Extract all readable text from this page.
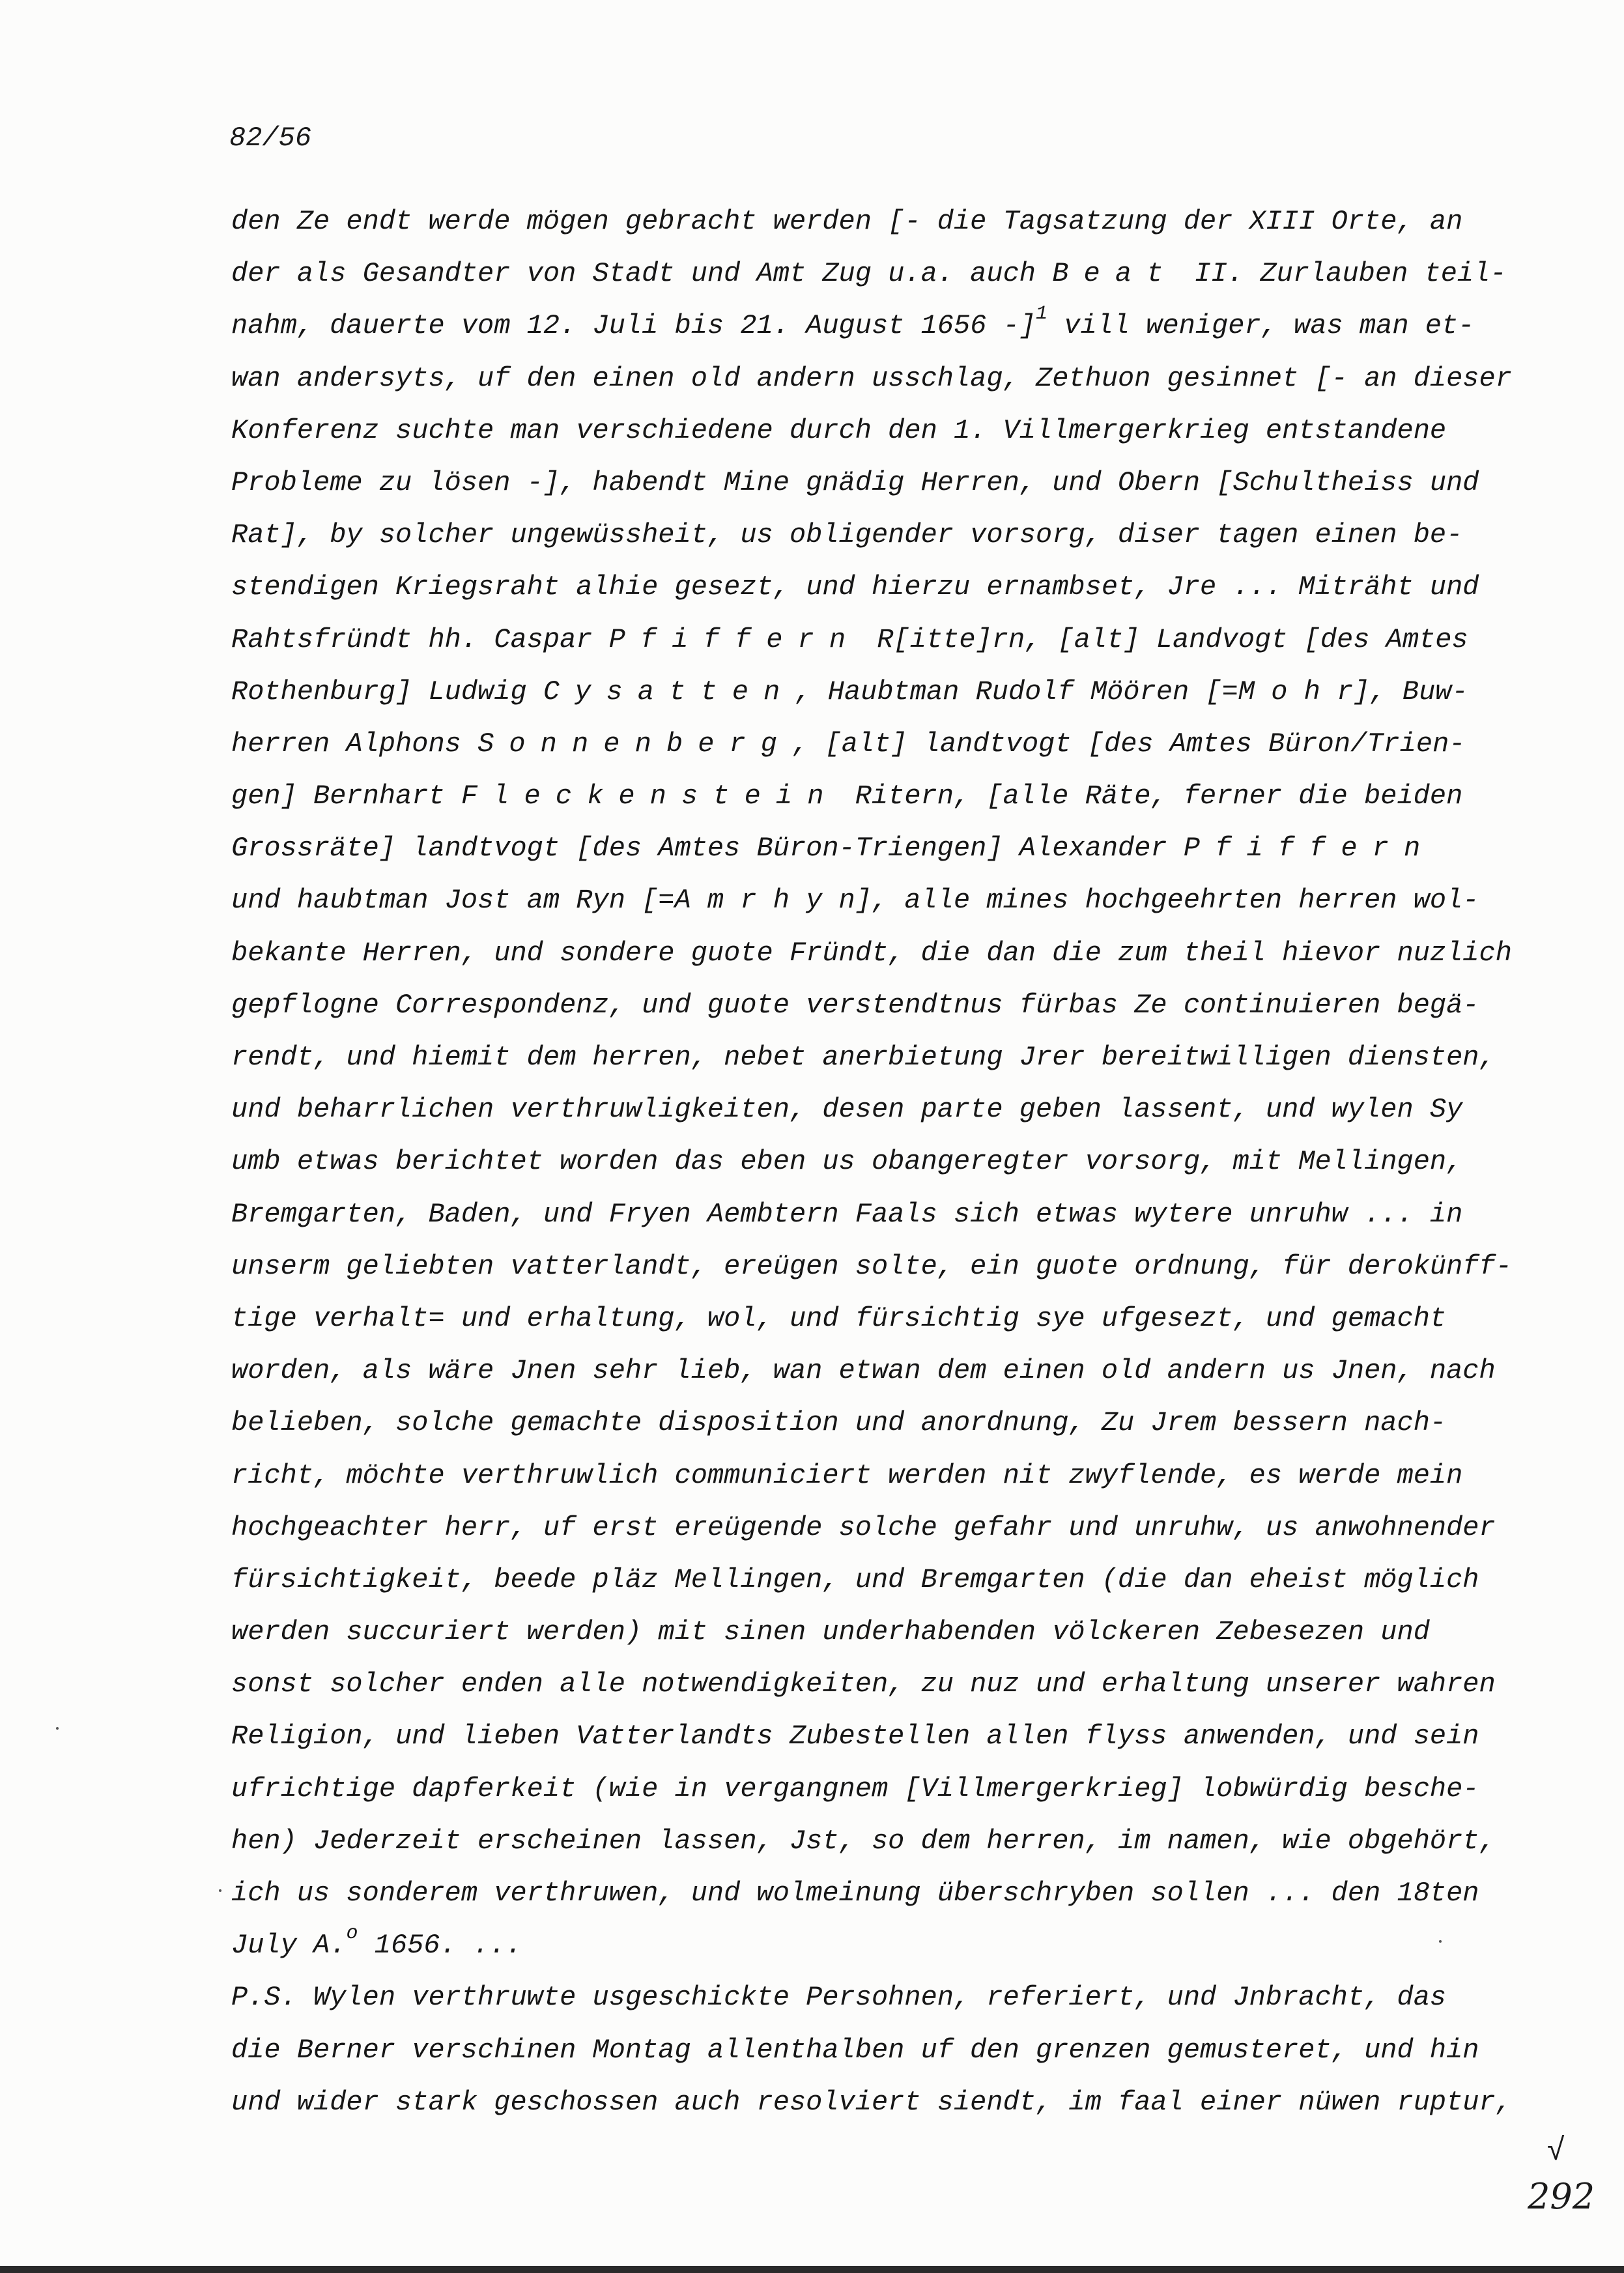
82/56
den Ze endt werde mögen gebracht werden [- die Tagsatzung der XIII Orte, an
der als Gesandter von Stadt und Amt Zug u.a. auch Beat II. Zurlauben teil-
nahm, dauerte vom 12. Juli bis 21. August 1656 -]$^1$ vill weniger, was man et-
wan andersyts, uf den einen old andern usschlag, Zethuon gesinnet [- an dieser
Konferenz suchte man verschiedene durch den 1. Villmergerkrieg entstandene
Probleme zu lösen -], habendt Mine gnädig Herren, und Obern [Schultheiss und
Rat], by solcher ungewüssheit, us obligender vorsorg, diser tagen einen be-
stendigen Kriegsraht alhie gesezt, und hierzu ernambset, Jre ... Miträht und
Rahtsfründt hh. Caspar Pfiffern R[itte]rn, [alt] Landvogt [des Amtes
Rothenburg] Ludwig Cysatten, Haubtman Rudolf Möören [=M o h r], Buw-
herren Alphons Sonnenberg, [alt] landtvogt [des Amtes Büron/Trien-
gen] Bernhart Fleckenstein Ritern, [alle Räte, ferner die beiden
Grossräte] landtvogt [des Amtes Büron-Triengen] Alexander Pfiffern
und haubtman Jost am Ryn [=A m r h y n], alle mines hochgeehrten herren wol-
bekante Herren, und sondere guote Fründt, die dan die zum theil hievor nuzlich
gepflogne Correspondenz, und guote verstendtnus fürbas Ze continuieren begä-
rendt, und hiemit dem herren, nebet anerbietung Jrer bereitwilligen diensten,
und beharrlichen verthruwligkeiten, desen parte geben lassent, und wylen Sy
umb etwas berichtet worden das eben us obangeregter vorsorg, mit Mellingen,
Bremgarten, Baden, und Fryen Aembtern Faals sich etwas wytere unruhw ... in
unserm geliebten vatterlandt, ereügen solte, ein guote ordnung, für derokünff-
tige verhalt= und erhaltung, wol, und fürsichtig sye ufgesezt, und gemacht
worden, als wäre Jnen sehr lieb, wan etwan dem einen old andern us Jnen, nach
belieben, solche gemachte disposition und anordnung, Zu Jrem bessern nach-
richt, möchte verthruwlich communiciert werden nit zwyflende, es werde mein
hochgeachter herr, uf erst ereügende solche gefahr und unruhw, us anwohnender
fürsichtigkeit, beede pläz Mellingen, und Bremgarten (die dan eheist möglich
werden succuriert werden) mit sinen underhabenden völckeren Zebesezen und
sonst solcher enden alle notwendigkeiten, zu nuz und erhaltung unserer wahren
Religion, und lieben Vatterlandts Zubestellen allen flyss anwenden, und sein
ufrichtige dapferkeit (wie in vergangnem [Villmergerkrieg] lobwürdig besche-
hen) Jederzeit erscheinen lassen, Jst, so dem herren, im namen, wie obgehört,
ich us sonderem verthruwen, und wolmeinung überschryben sollen ... den 18ten
July A.$^o$ 1656. ...
P.S. Wylen verthruwte usgeschickte Persohnen, referiert, und Jnbracht, das
die Berner verschinen Montag allenthalben uf den grenzen gemusteret, und hin
und wider stark geschossen auch resolviert siendt, im faal einer nüwen ruptur,
√
292
